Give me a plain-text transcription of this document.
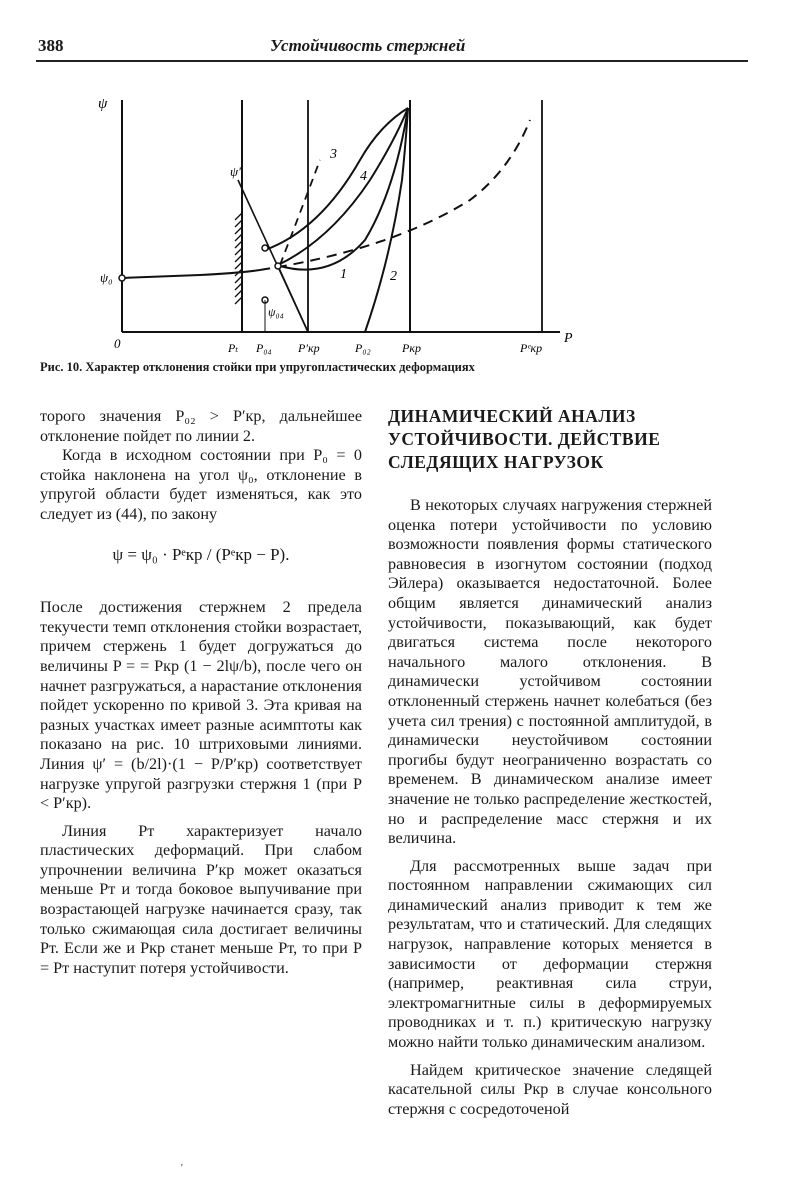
388	Устойчивость стержней
ψ
P
0
ψ′
ψ₀
ψ₀₄
1	2
3
4
Pₜ P₀₄ P′кр	P₀₂	Pкр	Pᵉкр
Рис. 10. Характер отклонения стойки при упругопластических деформациях

торого значения P₀₂ > P′кр, дальнейшее отклонение пойдет по линии 2.

Когда в исходном состоянии при P₀ = 0 стойка наклонена на угол ψ₀, отклонение в упругой области будет изменяться, как это следует из (44), по закону

ψ = ψ₀ · Pᵉкр / (Pᵉкр − P).

После достижения стержнем 2 предела текучести темп отклонения стойки возрастает, причем стержень 1 будет догружаться до величины P = = Pкр (1 − 2lψ/b), после чего он начнет разгружаться, а нарастание отклонения пойдет ускоренно по кривой 3. Эта кривая на разных участках имеет разные асимптоты как показано на рис. 10 штриховыми линиями. Линия ψ′ = (b/2l)·(1 − P/P′кр) соответствует нагрузке упругой разгрузки стержня 1 (при P < P′кр).

Линия Pт характеризует начало пластических деформаций. При слабом упрочнении величина P′кр может оказаться меньше Pт и тогда боковое выпучивание при возрастающей нагрузке начинается сразу, так только сжимающая сила достигает величины Pт. Если же и Pкр станет меньше Pт, то при P = Pт наступит потеря устойчивости.

ДИНАМИЧЕСКИЙ АНАЛИЗ УСТОЙЧИВОСТИ. ДЕЙСТВИЕ СЛЕДЯЩИХ НАГРУЗОК

В некоторых случаях нагружения стержней оценка потери устойчивости по условию возможности появления формы статического равновесия в изогнутом состоянии (подход Эйлера) оказывается недостаточной. Более общим является динамический анализ устойчивости, показывающий, как будет двигаться система после некоторого начального малого отклонения. В динамически устойчивом состоянии отклоненный стержень начнет колебаться (без учета сил трения) с постоянной амплитудой, в динамически неустойчивом состоянии прогибы будут неограниченно возрастать со временем. В динамическом анализе имеет значение не только распределение жесткостей, но и распределение масс стержня и их величина.

Для рассмотренных выше задач при постоянном направлении сжимающих сил динамический анализ приводит к тем же результатам, что и статический. Для следящих нагрузок, направление которых меняется в зависимости от деформации стержня (например, реактивная сила струи, электромагнитные силы в деформируемых проводниках и т. п.) критическую нагрузку можно найти только динамическим анализом.

Найдем критическое значение следящей касательной силы Pкр в случае консольного стержня с сосредоточеной

'
